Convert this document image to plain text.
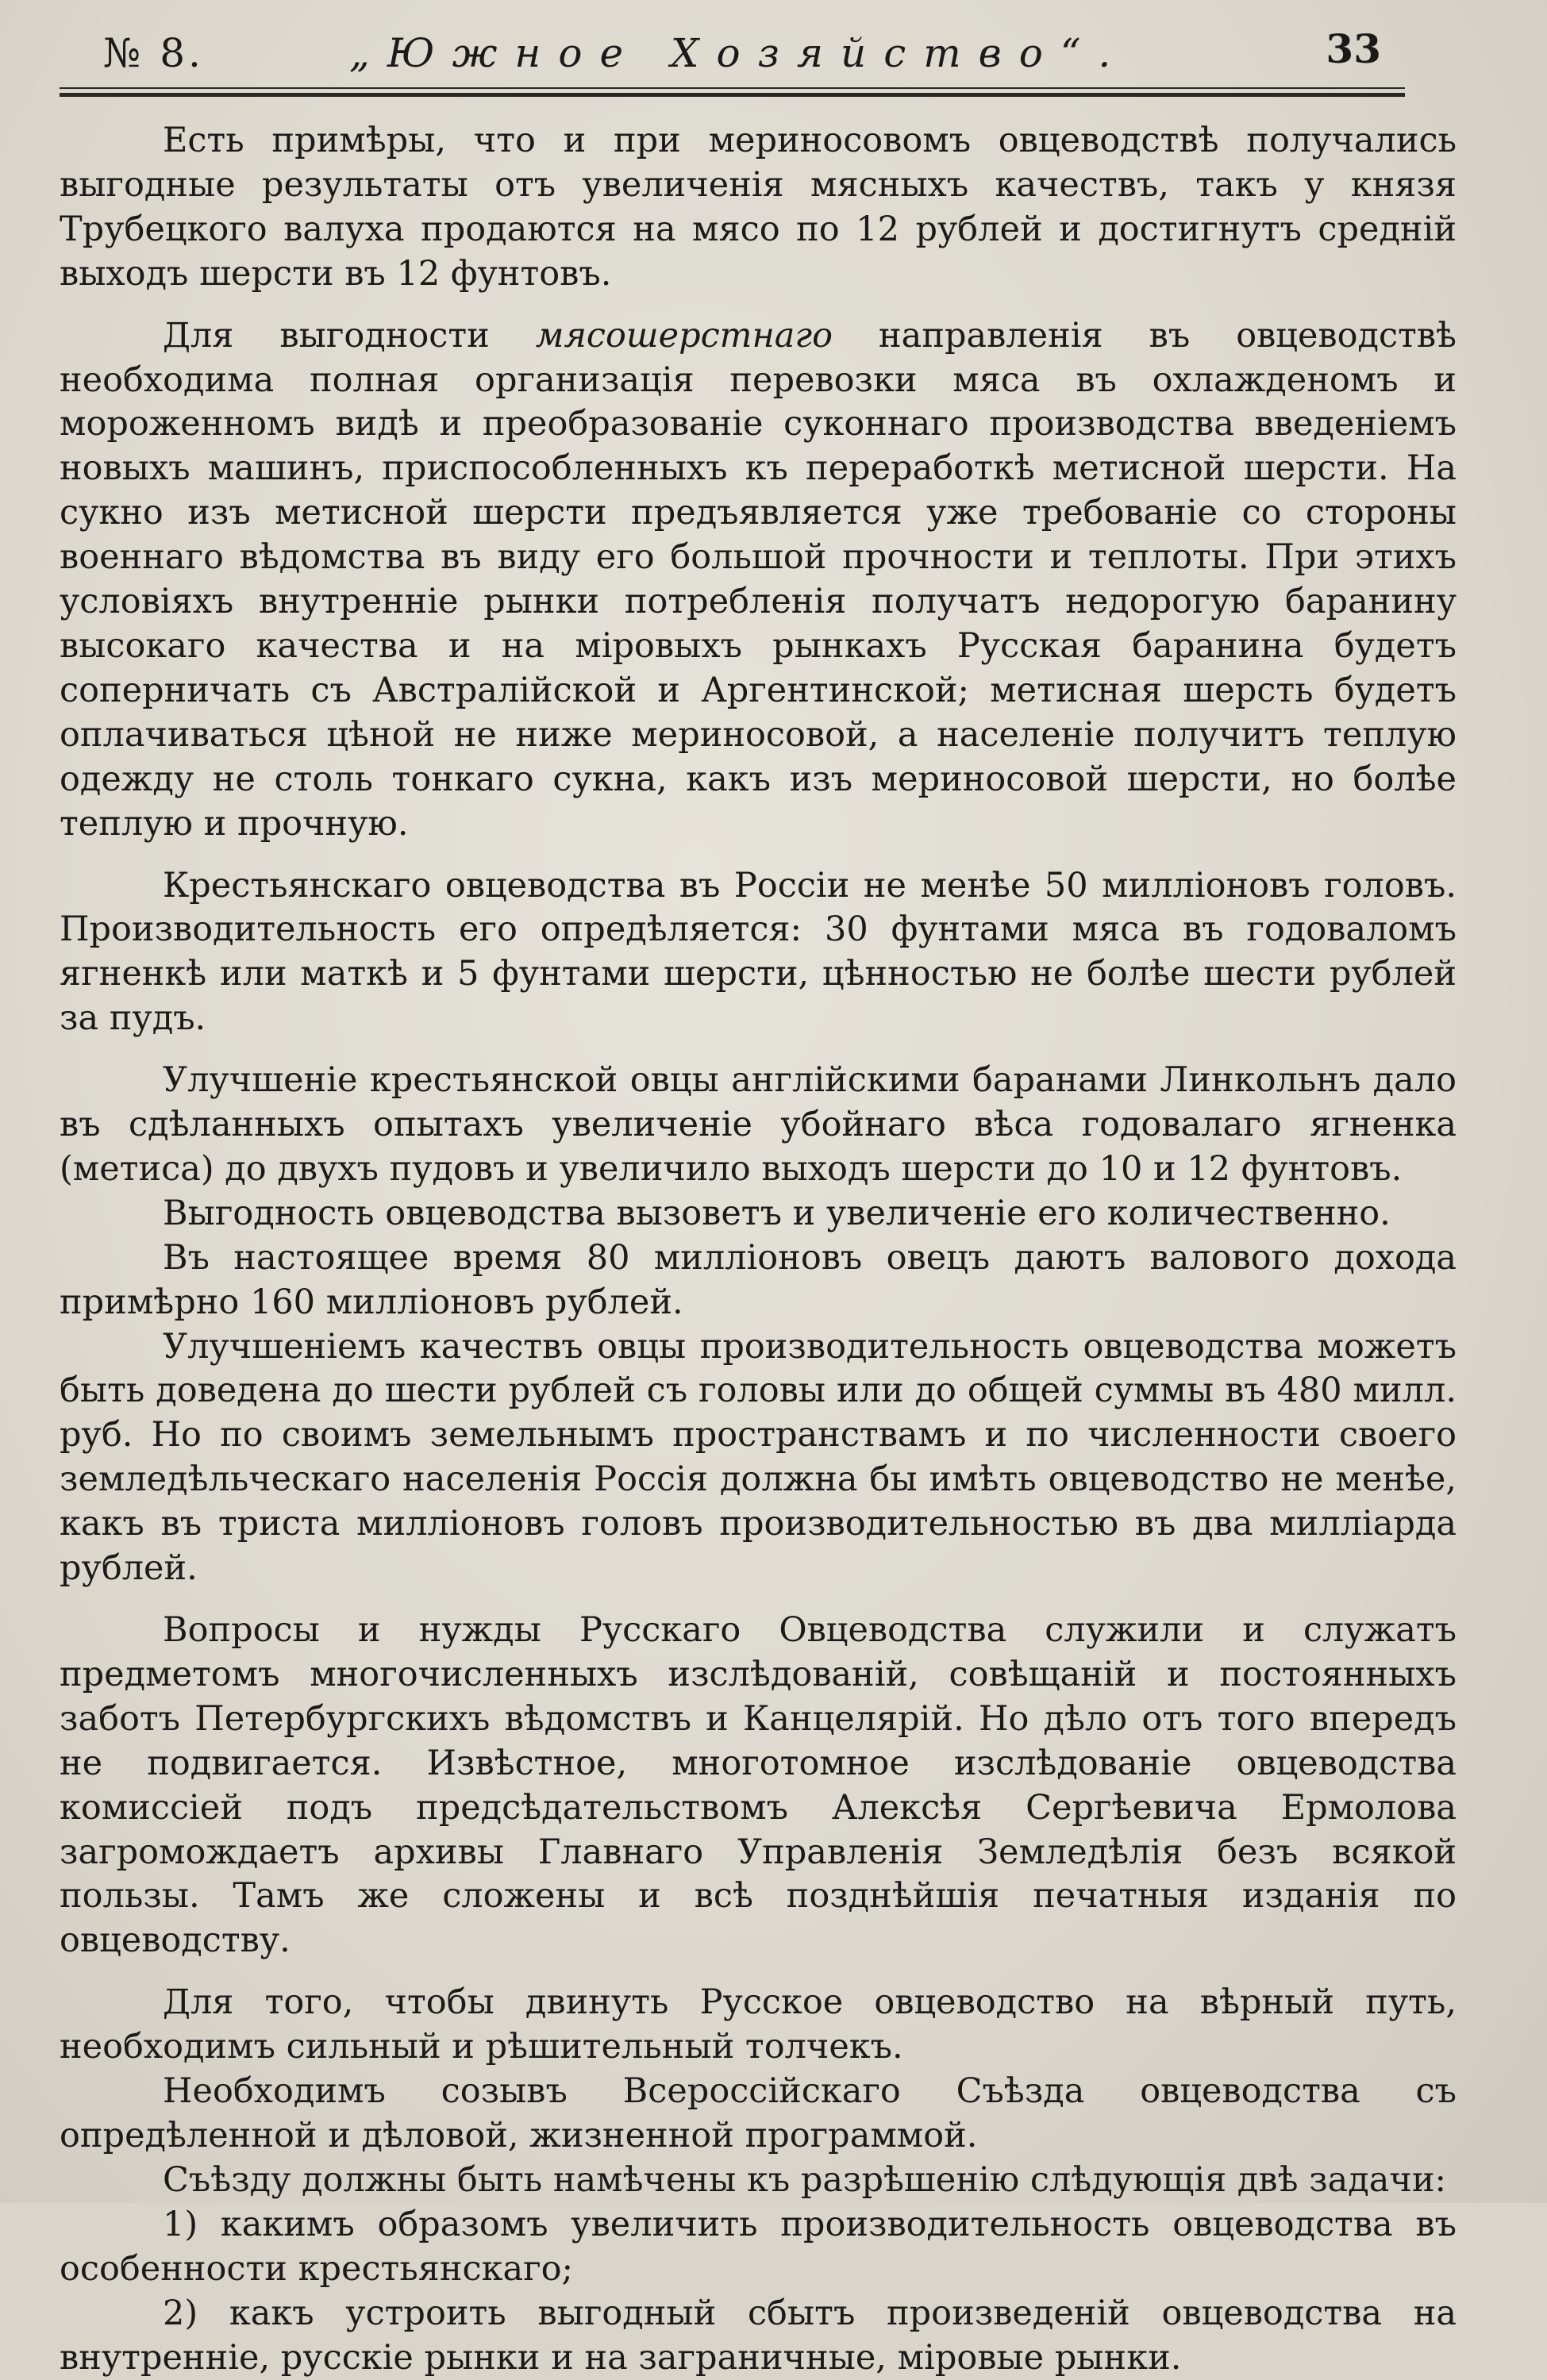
№ 8.	„Южное Хозяйство“.	33

Есть примѣры, что и при мериносовомъ овцеводствѣ получались выгодные результаты отъ увеличенія мясныхъ качествъ, такъ у князя Трубецкого валуха продаются на мясо по 12 рублей и достигнутъ средній выходъ шерсти въ 12 фунтовъ.

Для выгодности мясошерстнаго направленія въ овцеводствѣ необходима полная организація перевозки мяса въ охлажденомъ и мороженномъ видѣ и преобразованіе суконнаго производства введеніемъ новыхъ машинъ, приспособленныхъ къ переработкѣ метисной шерсти. На сукно изъ метисной шерсти предъявляется уже требованіе со стороны военнаго вѣдомства въ виду его большой прочности и теплоты. При этихъ условіяхъ внутренніе рынки потребленія получатъ недорогую баранину высокаго качества и на міровыхъ рынкахъ Русская баранина будетъ соперничать съ Австралійской и Аргентинской; метисная шерсть будетъ оплачиваться цѣной не ниже мериносовой, а населеніе получитъ теплую одежду не столь тонкаго сукна, какъ изъ мериносовой шерсти, но болѣе теплую и прочную.

Крестьянскаго овцеводства въ Россіи не менѣе 50 милліоновъ головъ. Производительность его опредѣляется: 30 фунтами мяса въ годоваломъ ягненкѣ или маткѣ и 5 фунтами шерсти, цѣнностью не болѣе шести рублей за пудъ.

Улучшеніе крестьянской овцы англійскими баранами Линкольнъ дало въ сдѣланныхъ опытахъ увеличеніе убойнаго вѣса годовалаго ягненка (метиса) до двухъ пудовъ и увеличило выходъ шерсти до 10 и 12 фунтовъ.

Выгодность овцеводства вызоветъ и увеличеніе его количественно.

Въ настоящее время 80 милліоновъ овецъ даютъ валового дохода примѣрно 160 милліоновъ рублей.

Улучшеніемъ качествъ овцы производительность овцеводства можетъ быть доведена до шести рублей съ головы или до общей суммы въ 480 милл. руб. Но по своимъ земельнымъ пространствамъ и по численности своего земледѣльческаго населенія Россія должна бы имѣть овцеводство не менѣе, какъ въ триста милліоновъ головъ производительностью въ два милліарда рублей.

Вопросы и нужды Русскаго Овцеводства служили и служатъ предметомъ многочисленныхъ изслѣдованій, совѣщаній и постоянныхъ заботъ Петербургскихъ вѣдомствъ и Канцелярій. Но дѣло отъ того впередъ не подвигается. Извѣстное, многотомное изслѣдованіе овцеводства комиссіей подъ предсѣдательствомъ Алексѣя Сергѣевича Ермолова загромождаетъ архивы Главнаго Управленія Земледѣлія безъ всякой пользы. Тамъ же сложены и всѣ позднѣйшія печатныя изданія по овцеводству.

Для того, чтобы двинуть Русское овцеводство на вѣрный путь, необходимъ сильный и рѣшительный толчекъ.

Необходимъ созывъ Всероссійскаго Съѣзда овцеводства съ опредѣленной и дѣловой, жизненной программой.

Съѣзду должны быть намѣчены къ разрѣшенію слѣдующія двѣ задачи:

1) какимъ образомъ увеличить производительность овцеводства въ особенности крестьянскаго;

2) какъ устроить выгодный сбытъ произведеній овцеводства на внутренніе, русскіе рынки и на заграничные, міровые рынки.
